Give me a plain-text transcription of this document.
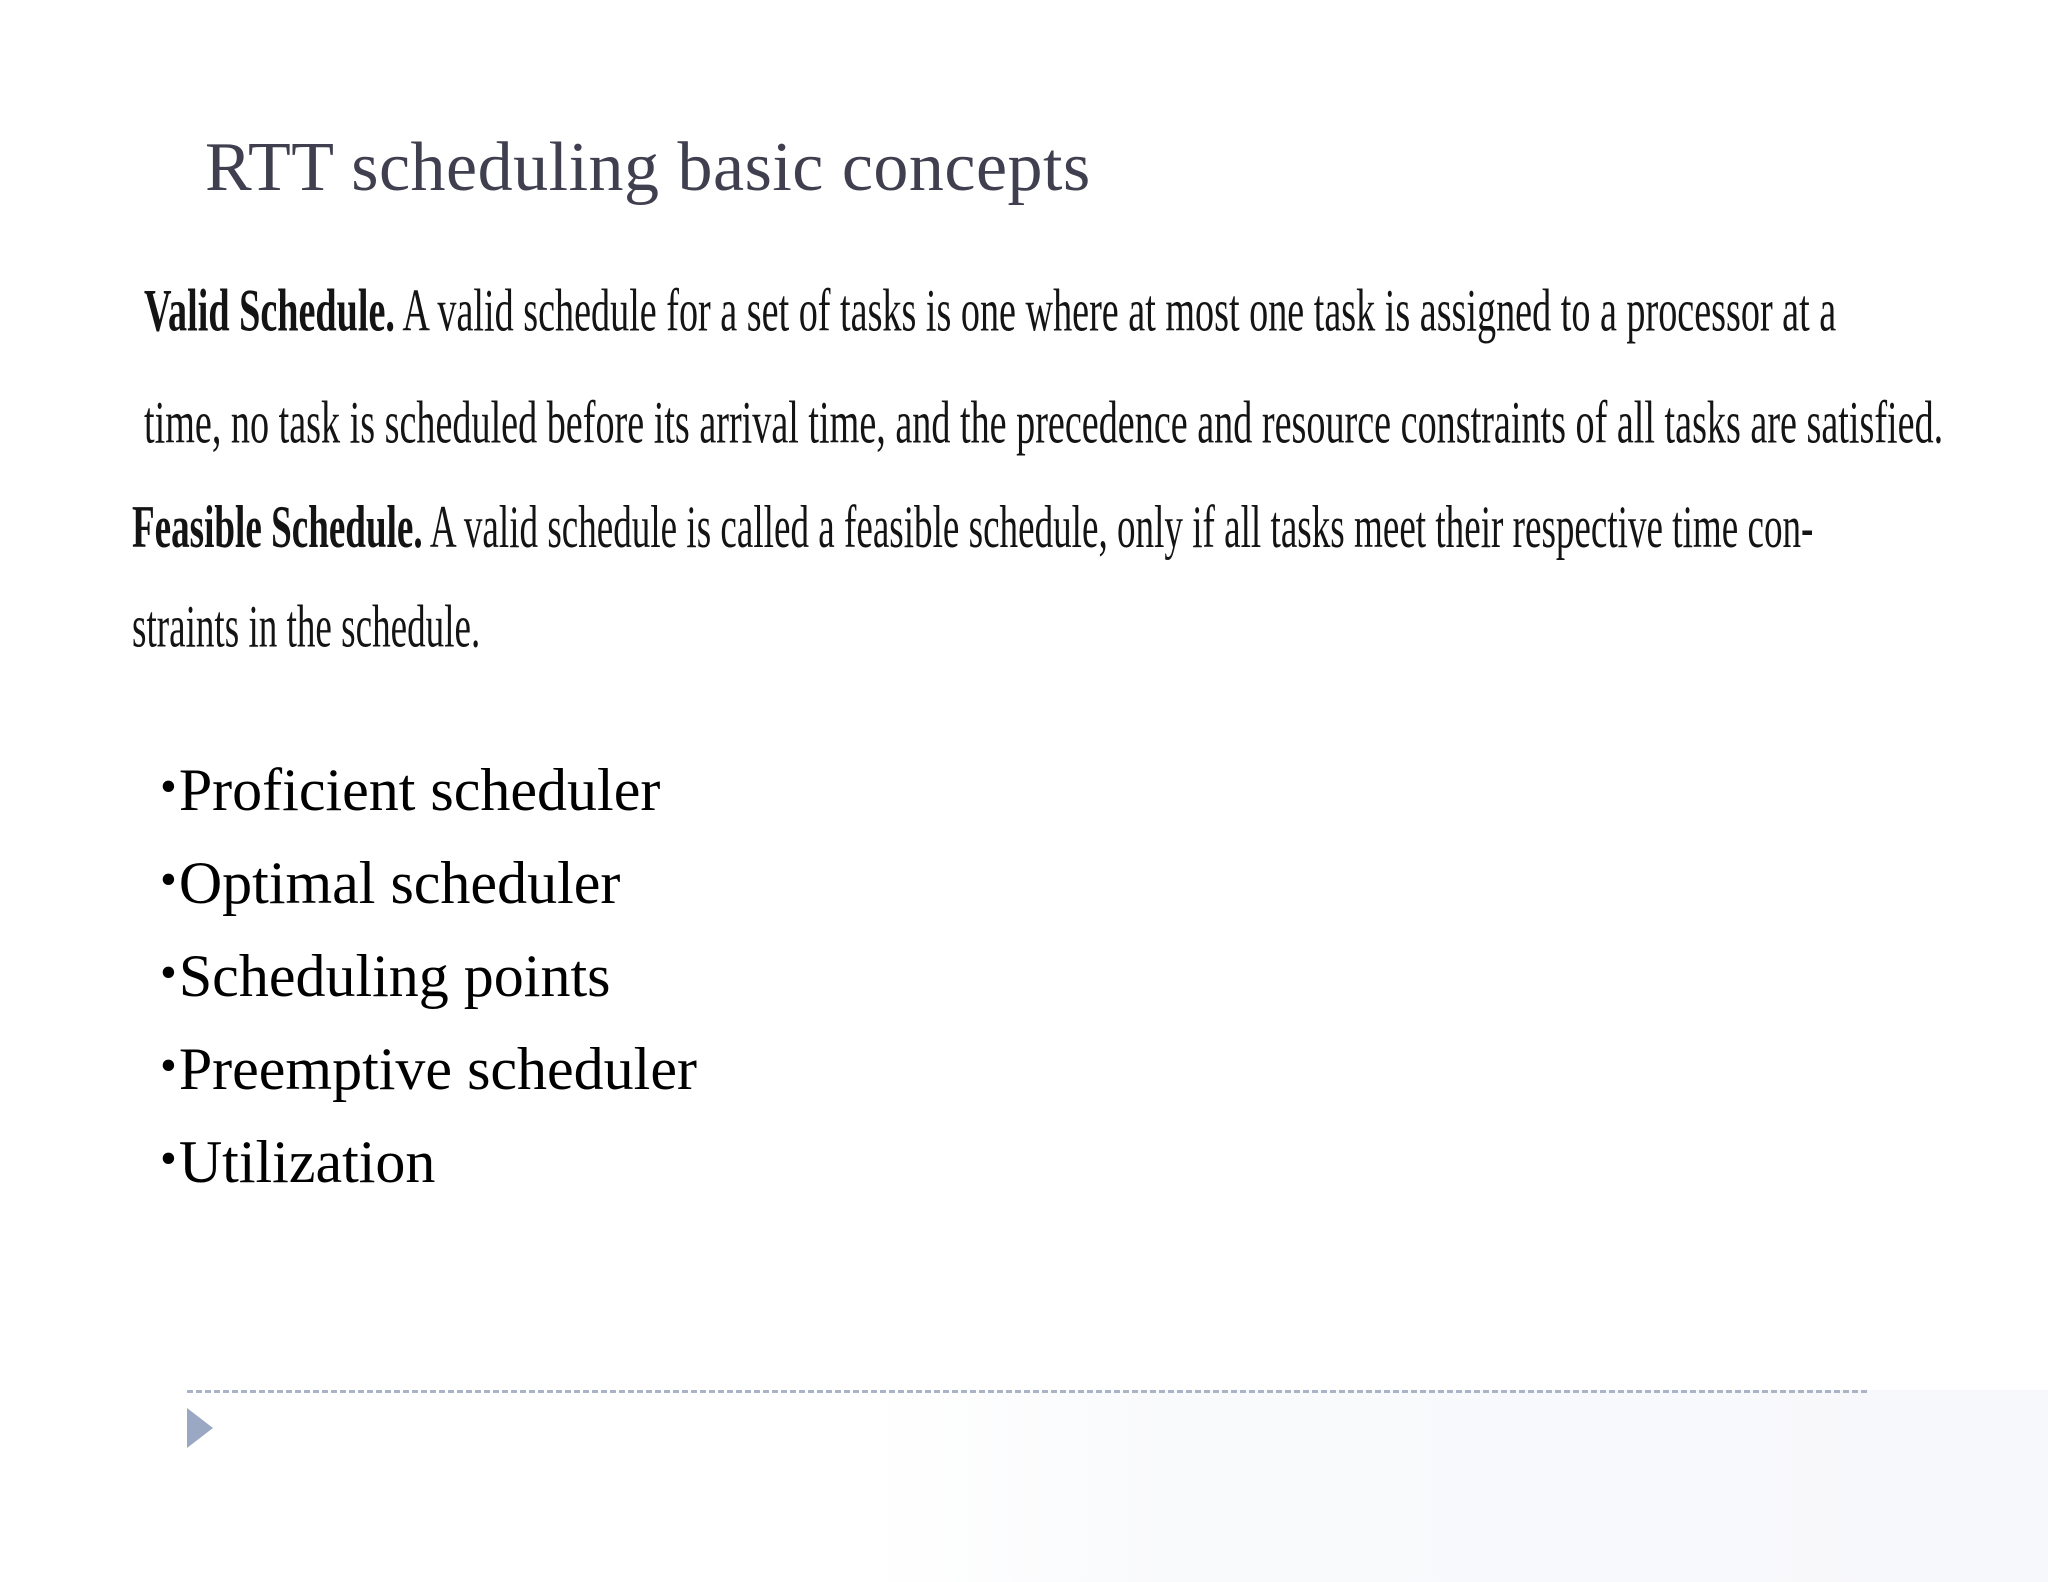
RTT scheduling basic concepts
Valid Schedule. A valid schedule for a set of tasks is one where at most one task is assigned to a processor at a
time, no task is scheduled before its arrival time, and the precedence and resource constraints of all tasks are satisfied.
Feasible Schedule. A valid schedule is called a feasible schedule, only if all tasks meet their respective time con-
straints in the schedule.
•Proficient scheduler
•Optimal scheduler
•Scheduling points
•Preemptive scheduler
•Utilization
